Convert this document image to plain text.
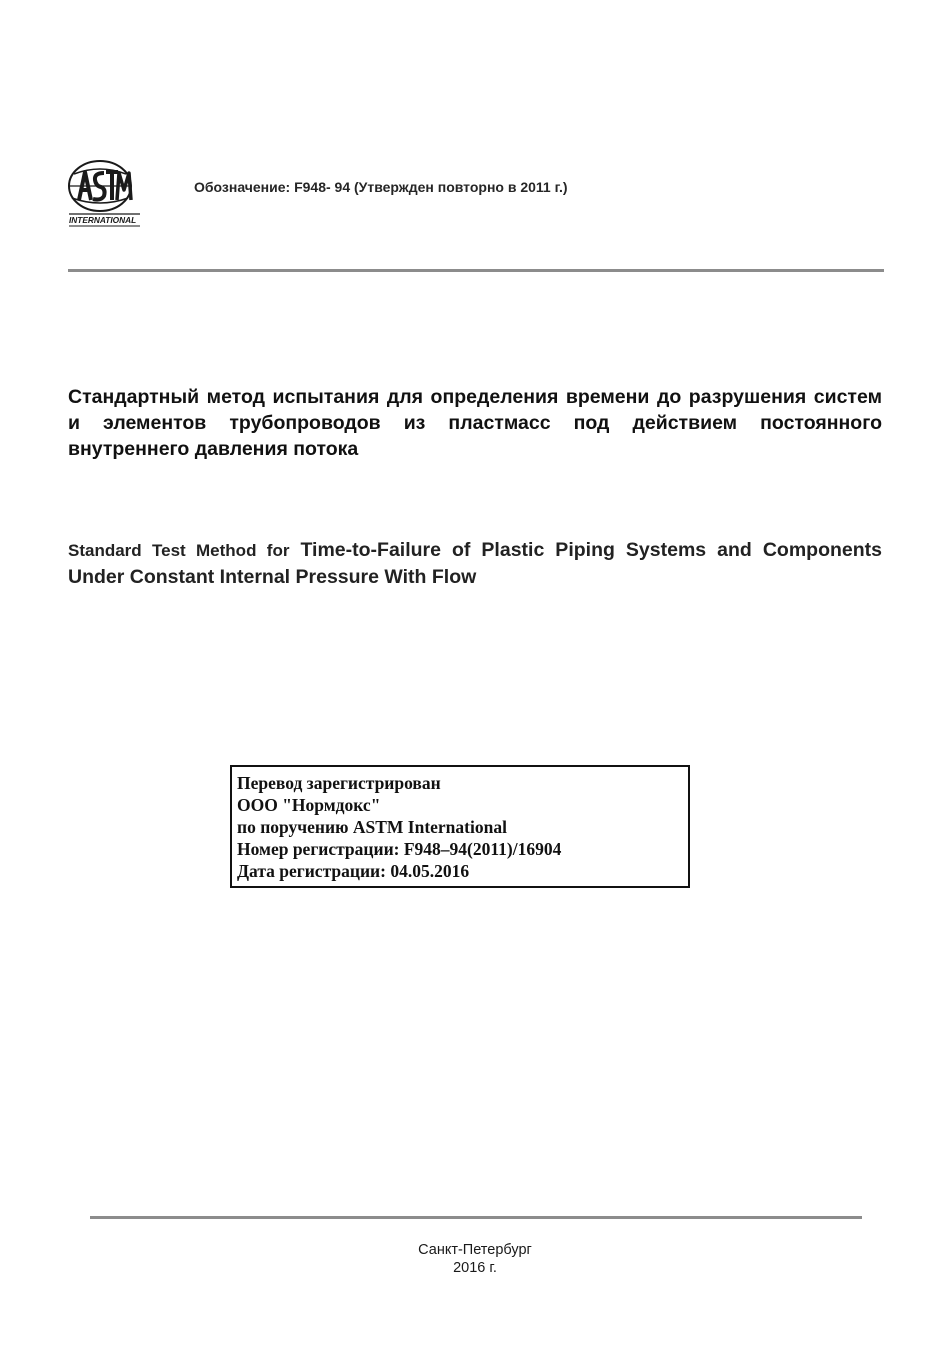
INTERNATIONAL
Обозначение: F948- 94 (Утвержден повторно в 2011 г.)
Стандартный метод испытания для определения времени до разрушения систем и элементов трубопроводов из пластмасс под действием постоянного внутреннего давления потока
Standard Test Method for Time-to-Failure of Plastic Piping Systems and Components Under Constant Internal Pressure With Flow
Перевод зарегистрирован
ООО "Нормдокс"
по поручению ASTM International
Номер регистрации: F948–94(2011)/16904
Дата регистрации: 04.05.2016
Санкт-Петербург
2016 г.
